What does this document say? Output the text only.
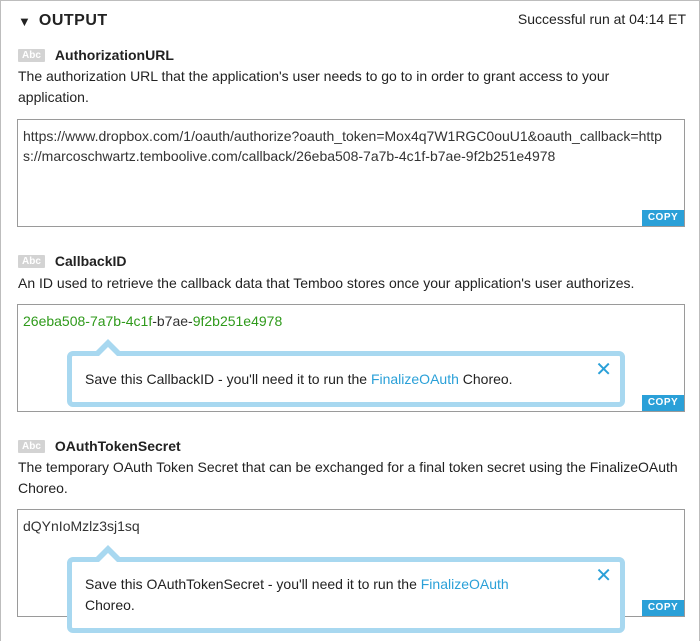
▼ OUTPUT	Successful run at 04:14 ET
Abc AuthorizationURL
The authorization URL that the application's user needs to go to in order to grant access to your application.
https://www.dropbox.com/1/oauth/authorize?oauth_token=Mox4q7W1RGC0ouU1&oauth_callback=https://marcoschwartz.temboolive.com/callback/26eba508-7a7b-4c1f-b7ae-9f2b251e4978
COPY
Abc CallbackID
An ID used to retrieve the callback data that Temboo stores once your application's user authorizes.
26eba508-7a7b-4c1f-b7ae-9f2b251e4978
COPY
Save this CallbackID - you'll need it to run the FinalizeOAuth Choreo.	✕
Abc OAuthTokenSecret
The temporary OAuth Token Secret that can be exchanged for a final token secret using the FinalizeOAuth Choreo.
dQYnIoMzlz3sj1sq
COPY
Save this OAuthTokenSecret - you'll need it to run the FinalizeOAuth
Choreo.
✕
